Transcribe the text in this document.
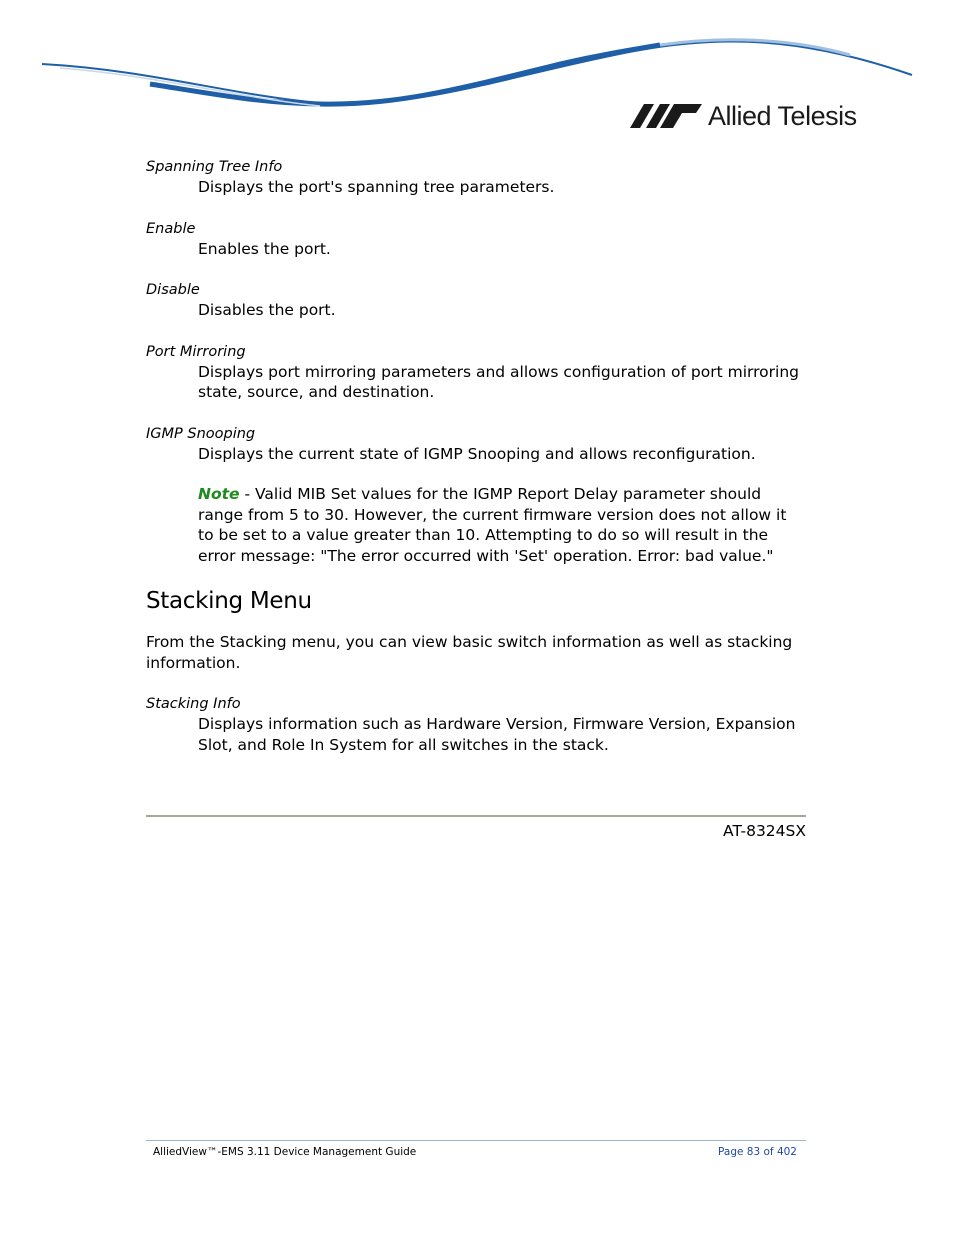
Allied Telesis

Spanning Tree Info

Displays the port's spanning tree parameters.

Enable

Enables the port.

Disable

Disables the port.

Port Mirroring

Displays port mirroring parameters and allows configuration of port mirroring state, source, and destination.

IGMP Snooping

Displays the current state of IGMP Snooping and allows reconfiguration.

Note - Valid MIB Set values for the IGMP Report Delay parameter should range from 5 to 30. However, the current firmware version does not allow it to be set to a value greater than 10. Attempting to do so will result in the error message: "The error occurred with 'Set' operation. Error: bad value."

Stacking Menu

From the Stacking menu, you can view basic switch information as well as stacking information.

Stacking Info

Displays information such as Hardware Version, Firmware Version, Expansion Slot, and Role In System for all switches in the stack.

AT-8324SX
AlliedView™-EMS 3.11 Device Management Guide	Page 83 of 402
